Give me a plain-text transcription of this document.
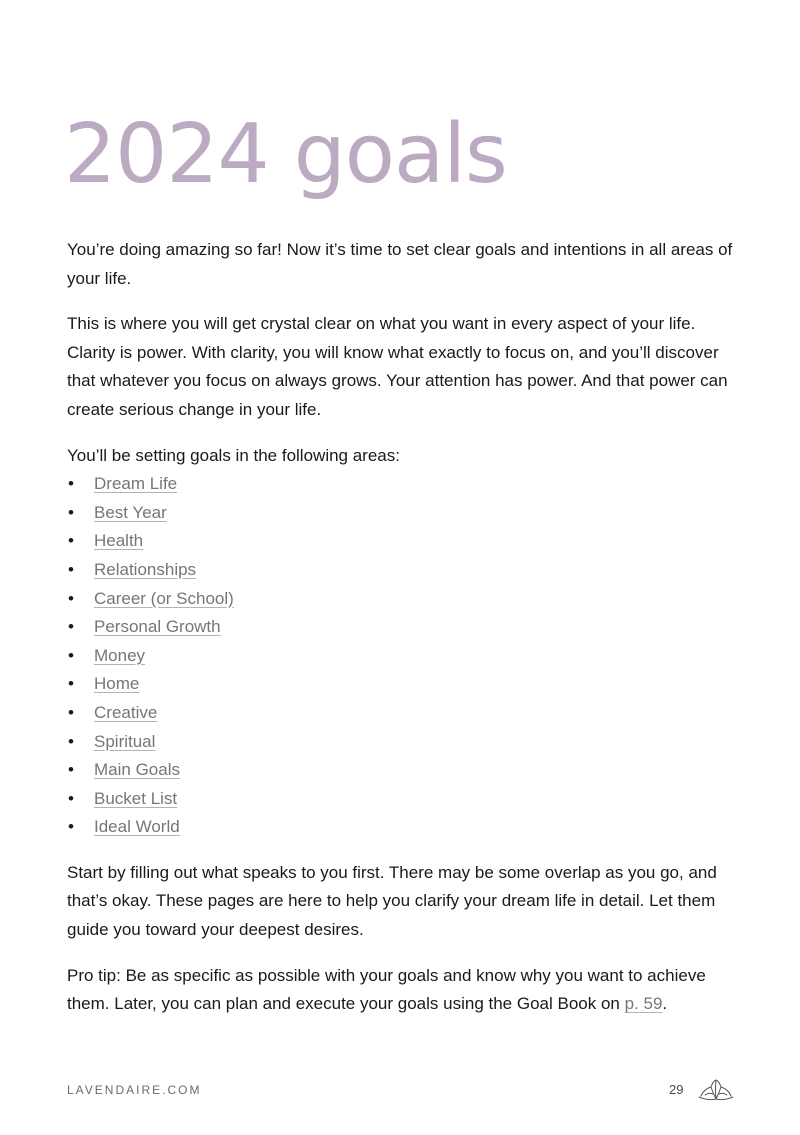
2024 goals

You’re doing amazing so far! Now it’s time to set clear goals and intentions in all areas of your life.

This is where you will get crystal clear on what you want in every aspect of your life. Clarity is power. With clarity, you will know what exactly to focus on, and you’ll discover that whatever you focus on always grows. Your attention has power. And that power can create serious change in your life.

You’ll be setting goals in the following areas:

• Dream Life
• Best Year
• Health
• Relationships
• Career (or School)
• Personal Growth
• Money
• Home
• Creative
• Spiritual
• Main Goals
• Bucket List
• Ideal World

Start by filling out what speaks to you first. There may be some overlap as you go, and that’s okay. These pages are here to help you clarify your dream life in detail. Let them guide you toward your deepest desires.

Pro tip: Be as specific as possible with your goals and know why you want to achieve them. Later, you can plan and execute your goals using the Goal Book on p. 59.

LAVENDAIRE.COM	29
